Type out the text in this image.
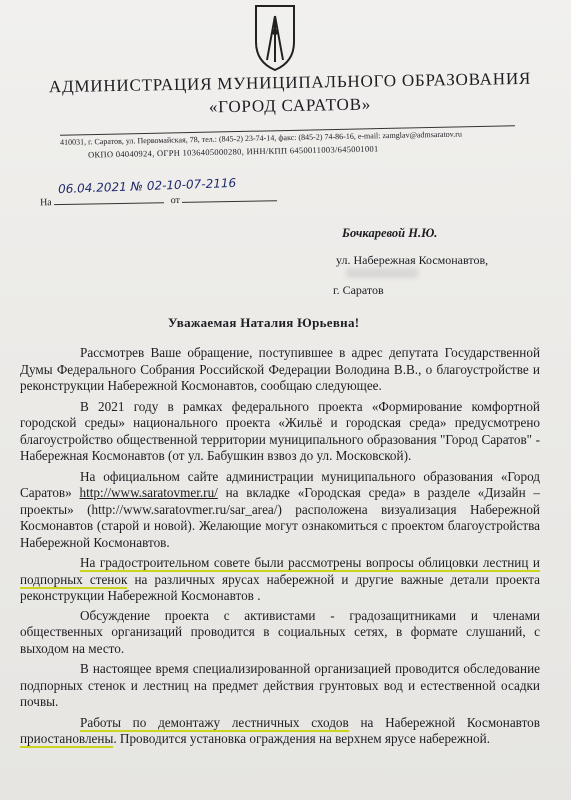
АДМИНИСТРАЦИЯ МУНИЦИПАЛЬНОГО ОБРАЗОВАНИЯ
«ГОРОД САРАТОВ»
410031, г. Саратов, ул. Первомайская, 78, тел.: (845-2) 23-74-14, факс: (845-2) 74-86-16, e-mail: zamglav@admsaratov.ru
ОКПО 04040924, ОГРН 1036405000280, ИНН/КПП 6450011003/645001001
06.04.2021 № 02-10-07-2116
На	от
Бочкаревой Н.Ю.
ул. Набережная Космонавтов,
г. Саратов
Уважаемая Наталия Юрьевна!

Рассмотрев Ваше обращение, поступившее в адрес депутата Государственной Думы Федерального Собрания Российской Федерации Володина В.В., о благоустройстве и реконструкции Набережной Космонавтов, сообщаю следующее.

В 2021 году в рамках федерального проекта «Формирование комфортной городской среды» национального проекта «Жильё и городская среда» предусмотрено благоустройство общественной территории муниципального образования "Город Саратов" - Набережная Космонавтов (от ул. Бабушкин взвоз до ул. Московской).

На официальном сайте администрации муниципального образования «Город Саратов» http://www.saratovmer.ru/ на вкладке «Городская среда» в разделе «Дизайн – проекты» (http://www.saratovmer.ru/sar_area/) расположена визуализация Набережной Космонавтов (старой и новой). Желающие могут ознакомиться с проектом благоустройства Набережной Космонавтов.

На градостроительном совете были рассмотрены вопросы облицовки лестниц и подпорных стенок на различных ярусах набережной и другие важные детали проекта реконструкции Набережной Космонавтов .

Обсуждение проекта с активистами - градозащитниками и членами общественных организаций проводится в социальных сетях, в формате слушаний, с выходом на место.

В настоящее время специализированной организацией проводится обследование подпорных стенок и лестниц на предмет действия грунтовых вод и естественной осадки почвы.

Работы по демонтажу лестничных сходов на Набережной Космонавтов приостановлены. Проводится установка ограждения на верхнем ярусе набережной.
